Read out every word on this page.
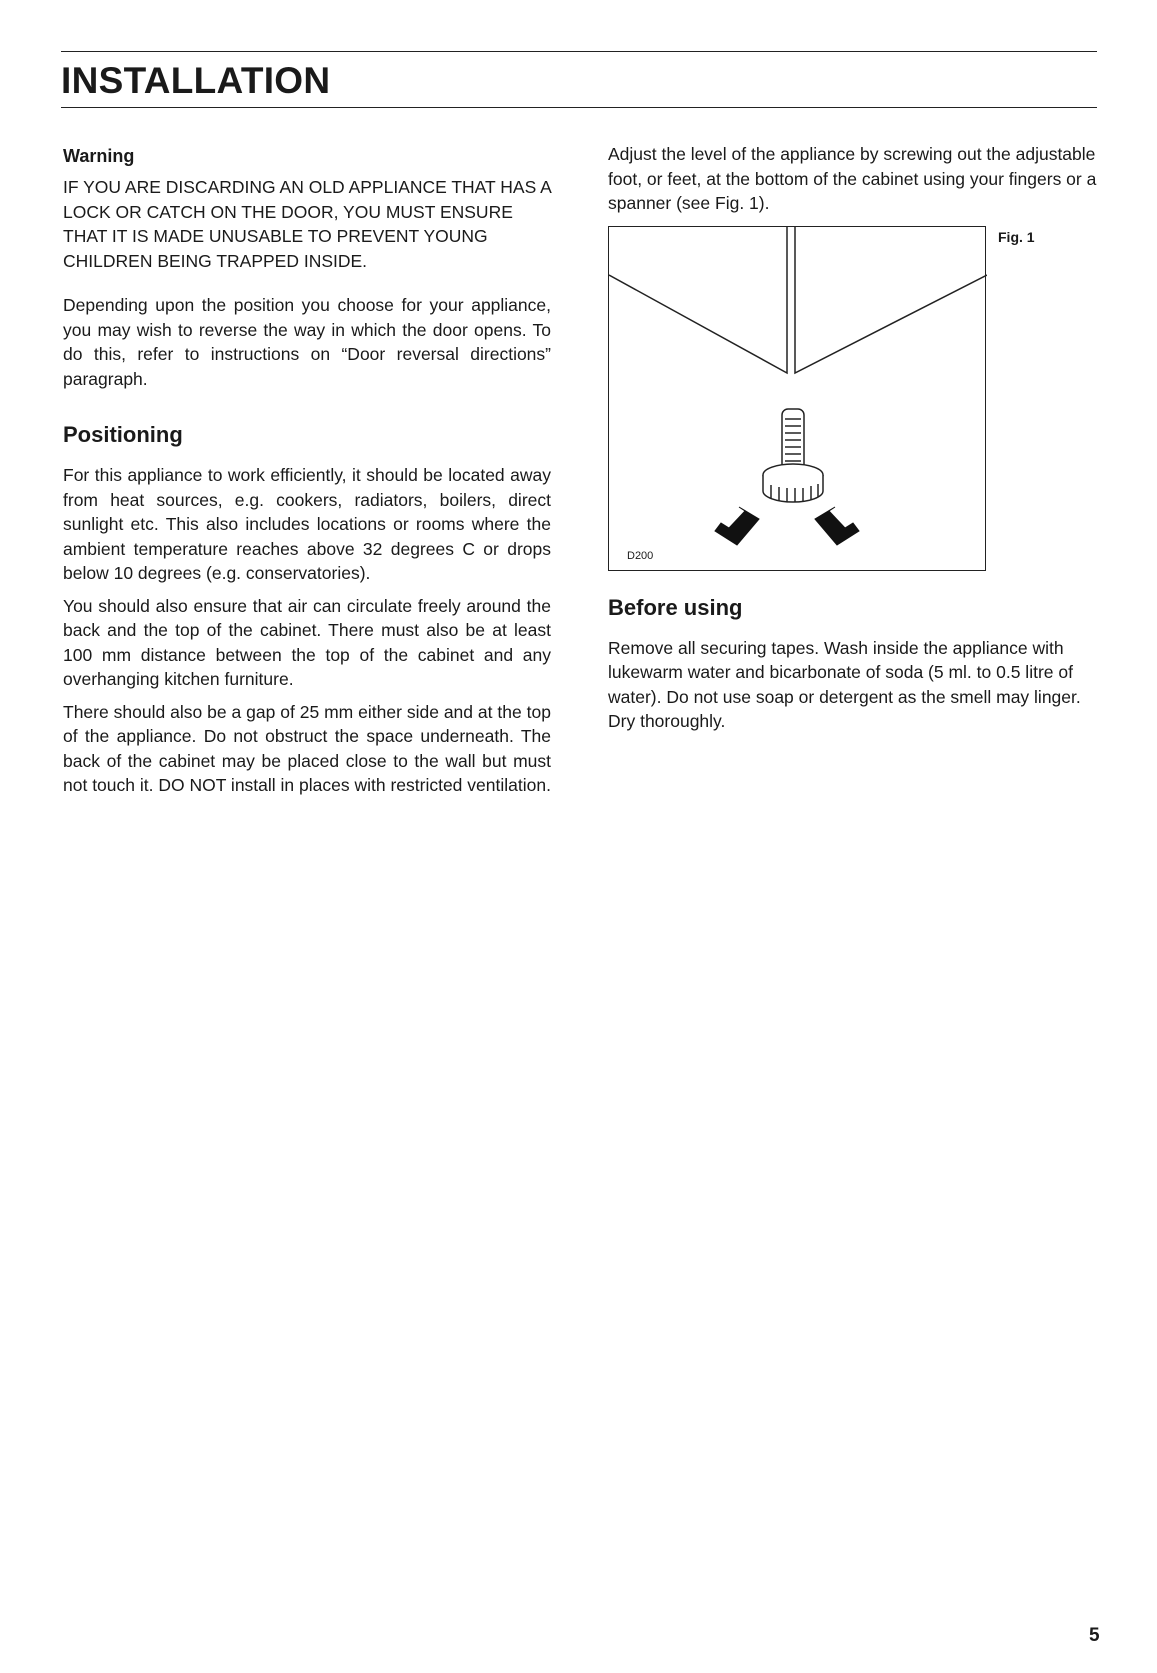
INSTALLATION
Warning

IF YOU ARE DISCARDING AN OLD APPLIANCE THAT HAS A LOCK OR CATCH ON THE DOOR, YOU MUST ENSURE THAT IT IS MADE UNUSABLE TO PREVENT YOUNG CHILDREN BEING TRAPPED INSIDE.

Depending upon the position you choose for your appliance, you may wish to reverse the way in which the door opens. To do this, refer to instructions on “Door reversal directions” paragraph.

Positioning

For this appliance to work efficiently, it should be located away from heat sources, e.g. cookers, radiators, boilers, direct sunlight etc. This also includes locations or rooms where the ambient temperature reaches above 32 degrees C or drops below 10 degrees (e.g. conservatories).

You should also ensure that air can circulate freely around the back and the top of the cabinet. There must also be at least 100 mm distance between the top of the cabinet and any overhanging kitchen furniture.

There should also be a gap of 25 mm either side and at the top of the appliance. Do not obstruct the space underneath. The back of the cabinet may be placed close to the wall but must not touch it. DO NOT install in places with restricted ventilation.

Adjust the level of the appliance by screwing out the adjustable foot, or feet, at the bottom of the cabinet using your fingers or a spanner (see Fig. 1).

D200
Fig. 1
Before using

Remove all securing tapes. Wash inside the appliance with lukewarm water and bicarbonate of soda (5 ml. to 0.5 litre of water). Do not use soap or detergent as the smell may linger. Dry thoroughly.

5
